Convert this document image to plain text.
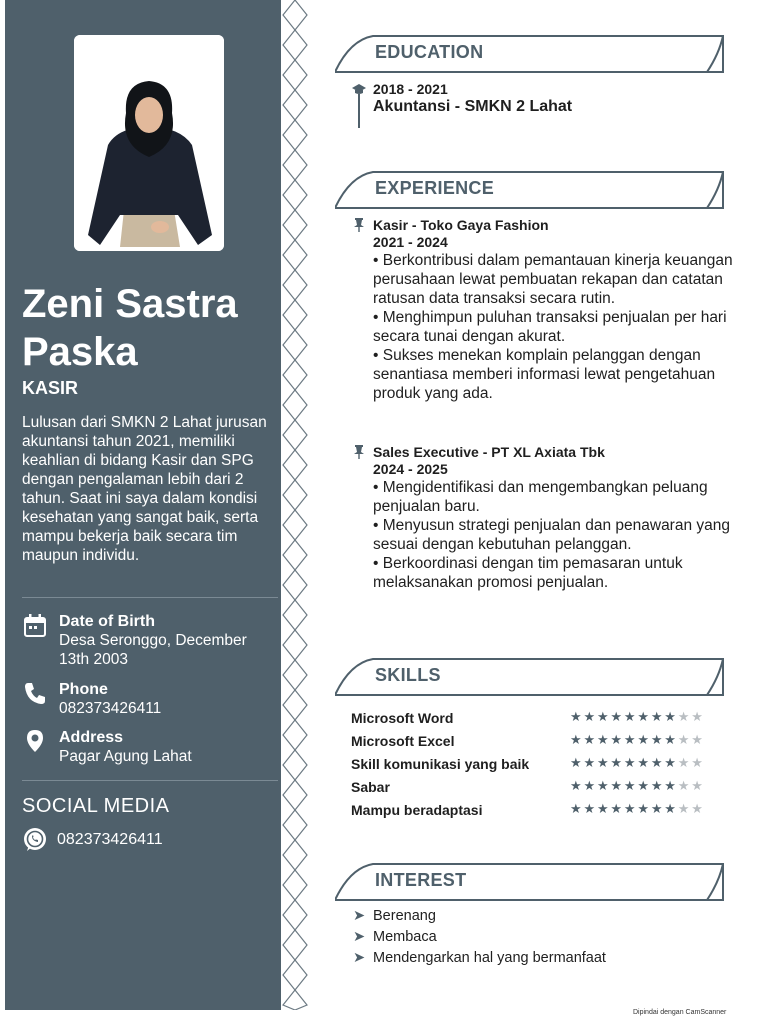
Zeni Sastra
Paska
KASIR
Lulusan dari SMKN 2 Lahat jurusan akuntansi tahun 2021, memiliki keahlian di bidang Kasir dan SPG dengan pengalaman lebih dari 2 tahun. Saat ini saya dalam kondisi kesehatan yang sangat baik, serta mampu bekerja baik secara tim maupun individu.
Date of Birth
Desa Seronggo, December 13th 2003
Phone
082373426411
Address
Pagar Agung Lahat
SOCIAL MEDIA
082373426411
EDUCATION
2018 - 2021
Akuntansi - SMKN 2 Lahat
EXPERIENCE
Kasir - Toko Gaya Fashion
2021 - 2024
• Berkontribusi dalam pemantauan kinerja keuangan perusahaan lewat pembuatan rekapan dan catatan ratusan data transaksi secara rutin.
• Menghimpun puluhan transaksi penjualan per hari secara tunai dengan akurat.
• Sukses menekan komplain pelanggan dengan senantiasa memberi informasi lewat pengetahuan produk yang ada.
Sales Executive - PT XL Axiata Tbk
2024 - 2025
• Mengidentifikasi dan mengembangkan peluang penjualan baru.
• Menyusun strategi penjualan dan penawaran yang sesuai dengan kebutuhan pelanggan.
• Berkoordinasi dengan tim pemasaran untuk melaksanakan promosi penjualan.
SKILLS
Microsoft Word	★★★★★★★★★★
Microsoft Excel	★★★★★★★★★★
Skill komunikasi yang baik	★★★★★★★★★★
Sabar	★★★★★★★★★★
Mampu beradaptasi	★★★★★★★★★★
INTEREST
➤ Berenang
➤ Membaca
➤ Mendengarkan hal yang bermanfaat
Dipindai dengan CamScanner
